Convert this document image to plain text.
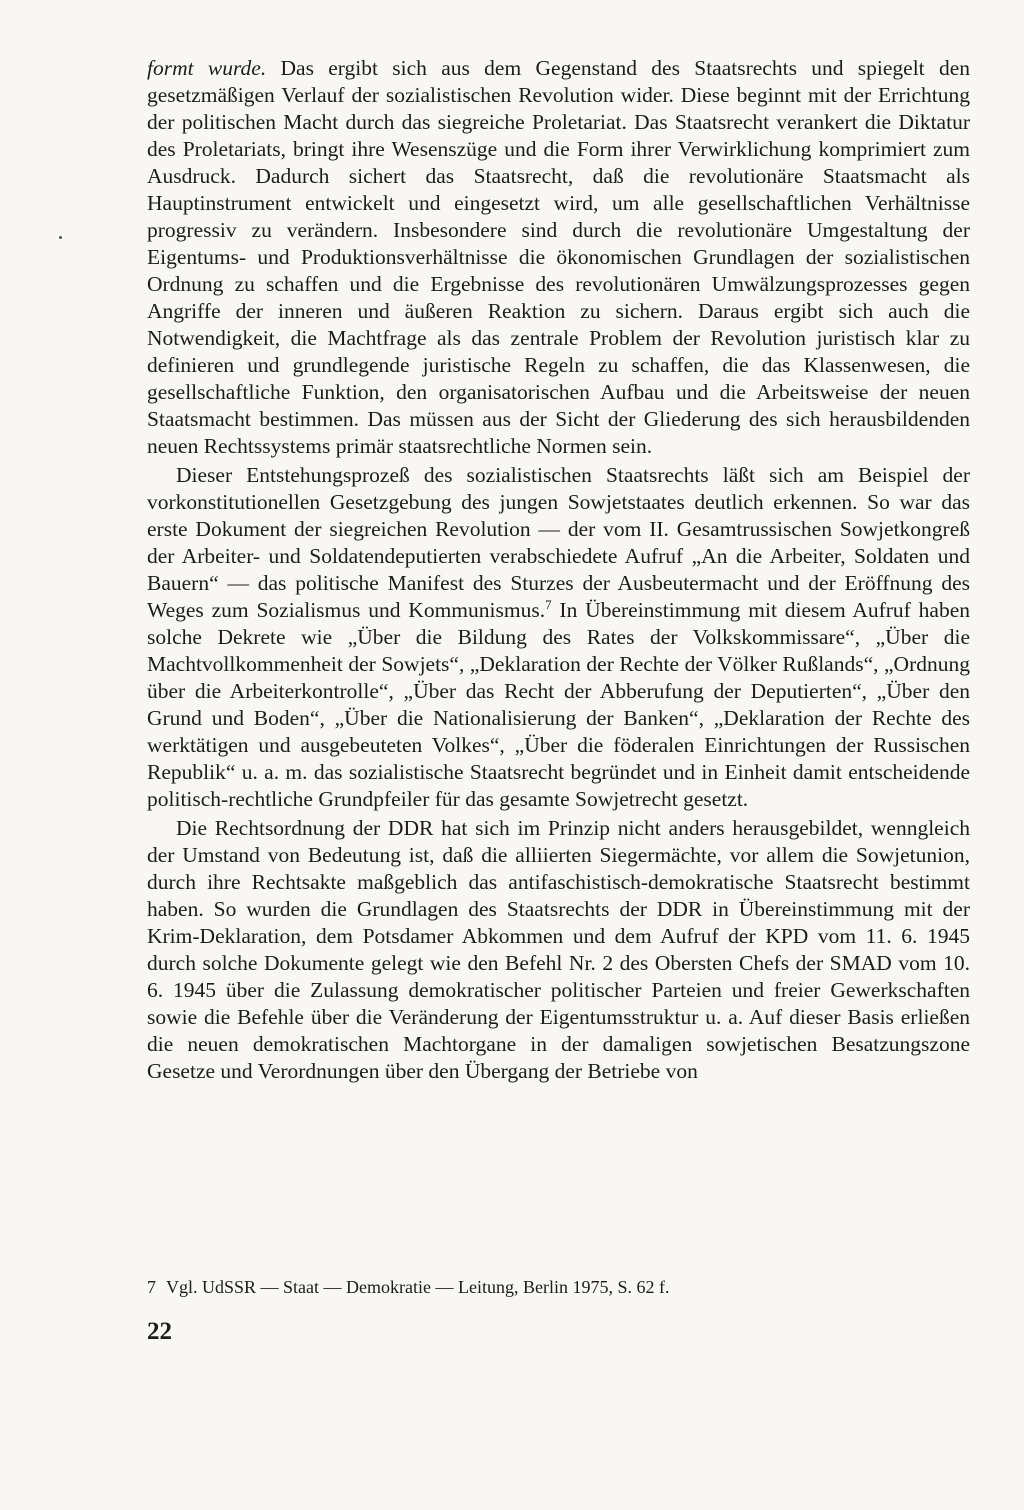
formt wurde. Das ergibt sich aus dem Gegenstand des Staatsrechts und spiegelt den gesetzmäßigen Verlauf der sozialistischen Revolution wider. Diese beginnt mit der Errichtung der politischen Macht durch das siegreiche Proletariat. Das Staatsrecht verankert die Diktatur des Proletariats, bringt ihre Wesenszüge und die Form ihrer Verwirklichung komprimiert zum Ausdruck. Dadurch sichert das Staatsrecht, daß die revolutionäre Staatsmacht als Hauptinstrument entwickelt und eingesetzt wird, um alle gesellschaftlichen Verhältnisse progressiv zu verändern. Insbesondere sind durch die revolutionäre Umgestaltung der Eigentums- und Produktionsverhältnisse die ökonomischen Grundlagen der sozialistischen Ordnung zu schaffen und die Ergebnisse des revolutionären Umwälzungsprozesses gegen Angriffe der inneren und äußeren Reaktion zu sichern. Daraus ergibt sich auch die Notwendigkeit, die Machtfrage als das zentrale Problem der Revolution juristisch klar zu definieren und grundlegende juristische Regeln zu schaffen, die das Klassenwesen, die gesellschaftliche Funktion, den organisatorischen Aufbau und die Arbeitsweise der neuen Staatsmacht bestimmen. Das müssen aus der Sicht der Gliederung des sich herausbildenden neuen Rechtssystems primär staatsrechtliche Normen sein.

Dieser Entstehungsprozeß des sozialistischen Staatsrechts läßt sich am Beispiel der vorkonstitutionellen Gesetzgebung des jungen Sowjetstaates deutlich erkennen. So war das erste Dokument der siegreichen Revolution — der vom II. Gesamtrussischen Sowjetkongreß der Arbeiter- und Soldatendeputierten verabschiedete Aufruf „An die Arbeiter, Soldaten und Bauern“ — das politische Manifest des Sturzes der Ausbeutermacht und der Eröffnung des Weges zum Sozialismus und Kommunismus.$^7$ In Übereinstimmung mit diesem Aufruf haben solche Dekrete wie „Über die Bildung des Rates der Volkskommissare“, „Über die Machtvollkommenheit der Sowjets“, „Deklaration der Rechte der Völker Rußlands“, „Ordnung über die Arbeiterkontrolle“, „Über das Recht der Abberufung der Deputierten“, „Über den Grund und Boden“, „Über die Nationalisierung der Banken“, „Deklaration der Rechte des werktätigen und ausgebeuteten Volkes“, „Über die föderalen Einrichtungen der Russischen Republik“ u. a. m. das sozialistische Staatsrecht begründet und in Einheit damit entscheidende politisch-rechtliche Grundpfeiler für das gesamte Sowjetrecht gesetzt.

Die Rechtsordnung der DDR hat sich im Prinzip nicht anders herausgebildet, wenngleich der Umstand von Bedeutung ist, daß die alliierten Siegermächte, vor allem die Sowjetunion, durch ihre Rechtsakte maßgeblich das antifaschistisch-demokratische Staatsrecht bestimmt haben. So wurden die Grundlagen des Staatsrechts der DDR in Übereinstimmung mit der Krim-Deklaration, dem Potsdamer Abkommen und dem Aufruf der KPD vom 11. 6. 1945 durch solche Dokumente gelegt wie den Befehl Nr. 2 des Obersten Chefs der SMAD vom 10. 6. 1945 über die Zulassung demokratischer politischer Parteien und freier Gewerkschaften sowie die Befehle über die Veränderung der Eigentumsstruktur u. a. Auf dieser Basis erließen die neuen demokratischen Machtorgane in der damaligen sowjetischen Besatzungszone Gesetze und Verordnungen über den Übergang der Betriebe von

7 Vgl. UdSSR — Staat — Demokratie — Leitung, Berlin 1975, S. 62 f.
22
